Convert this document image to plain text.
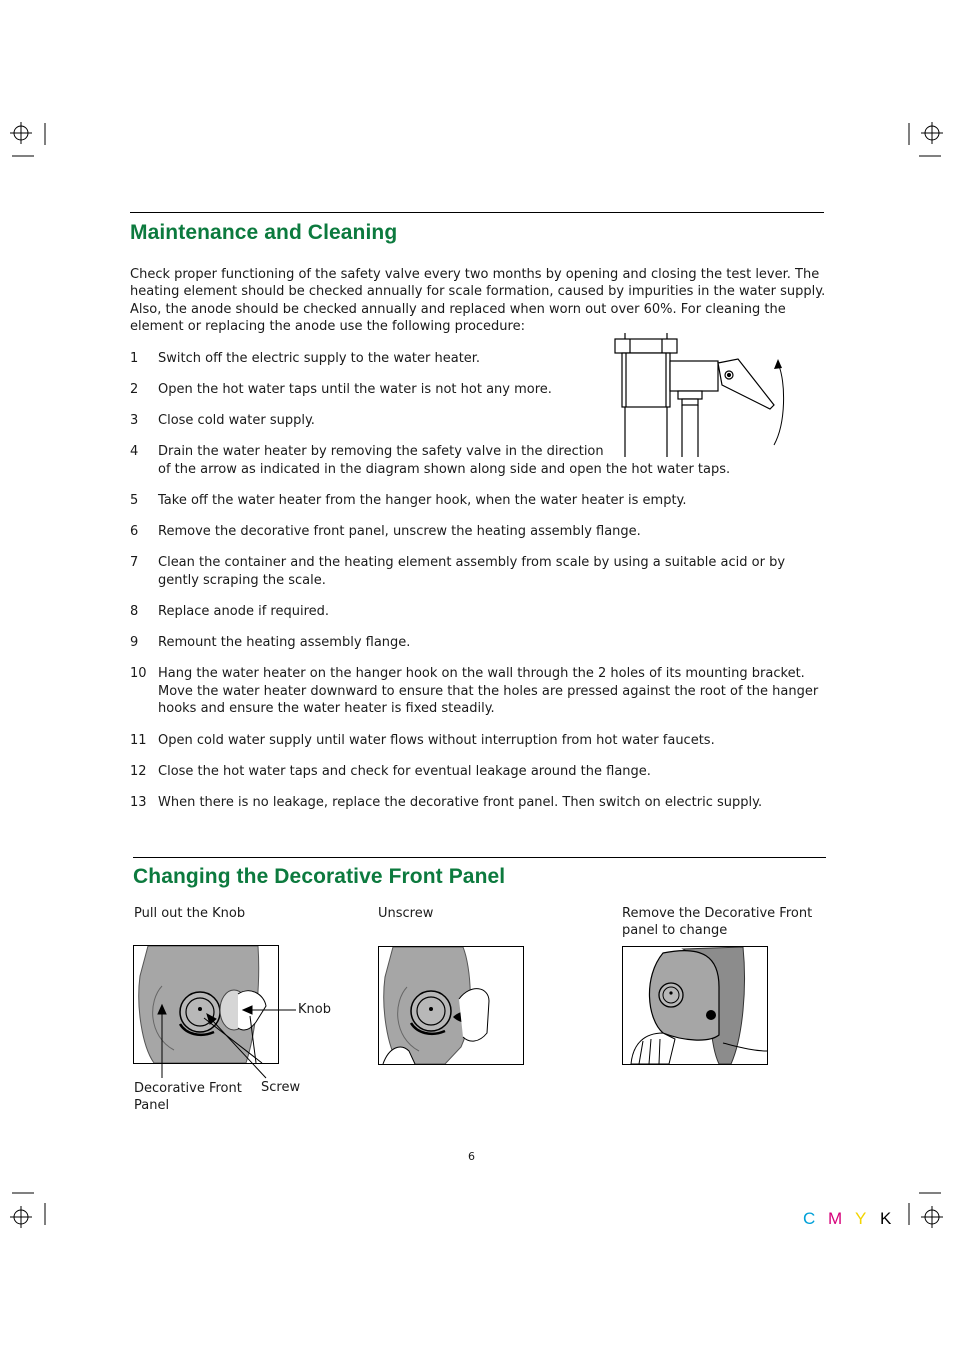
Maintenance and Cleaning
Check proper functioning of the safety valve every two months by opening and closing the test lever. The heating element should be checked annually for scale formation, caused by impurities in the water supply. Also, the anode should be checked annually and replaced when worn out over 60%. For cleaning the element or replacing the anode use the following procedure:
1	Switch off the electric supply to the water heater.
2	Open the hot water taps until the water is not hot any more.
3	Close cold water supply.
4	Drain the water heater by removing the safety valve in the direction
of the arrow as indicated in the diagram shown along side and open the hot water taps.
5	Take off the water heater from the hanger hook, when the water heater is empty.
6	Remove the decorative front panel, unscrew the heating assembly flange.
7	Clean the container and the heating element assembly from scale by using a suitable acid or by gently scraping the scale.
8	Replace anode if required.
9	Remount the heating assembly flange.
10 Hang the water heater on the hanger hook on the wall through the 2 holes of its mounting bracket. Move the water heater downward to ensure that the holes are pressed against the root of the hanger hooks and ensure the water heater is fixed steadily.
11 Open cold water supply until water flows without interruption from hot water faucets.
12 Close the hot water taps and check for eventual leakage around the flange.
13 When there is no leakage, replace the decorative front panel. Then switch on electric supply.
Changing the Decorative Front Panel
Pull out the Knob	Unscrew	Remove the Decorative Front panel to change
Knob
Decorative Front Panel
Screw
6
C M Y K
